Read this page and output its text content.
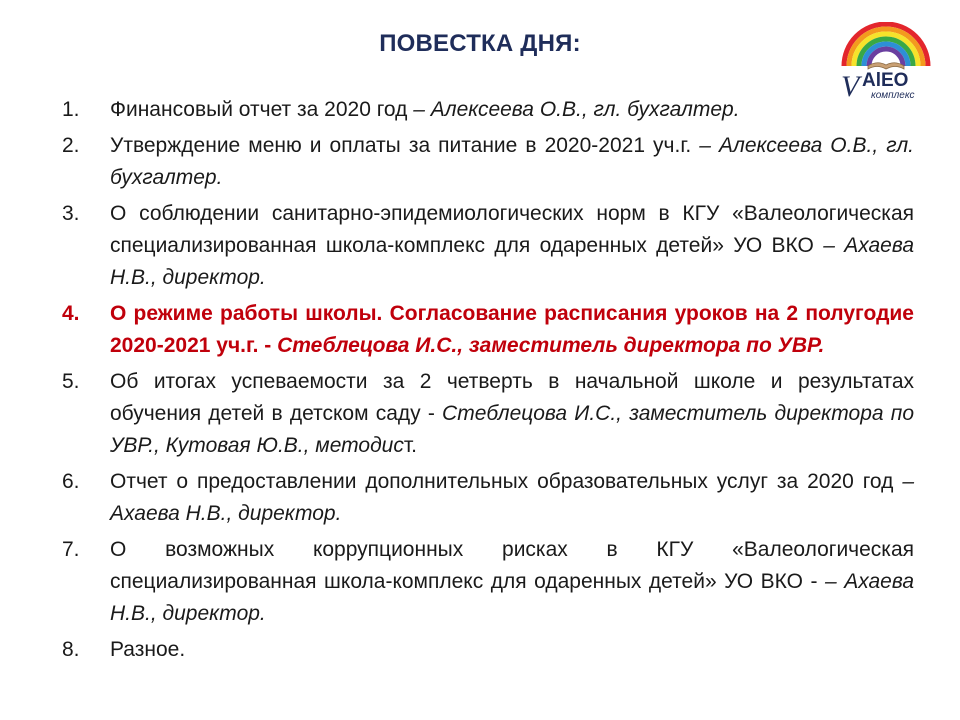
ПОВЕСТКА ДНЯ:
V AlEO
комплекс
1.	Финансовый отчет за 2020 год – Алексеева О.В., гл. бухгалтер.
2.	Утверждение меню и оплаты за питание в 2020-2021 уч.г. – Алексеева О.В., гл. бухгалтер.
3.	О соблюдении санитарно-эпидемиологических норм в КГУ «Валеологическая специализированная школа-комплекс для одаренных детей» УО ВКО – Ахаева Н.В., директор.
4.	О режиме работы школы. Согласование расписания уроков на 2 полугодие 2020-2021 уч.г. - Стеблецова И.С., заместитель директора по УВР.
5.	Об итогах успеваемости за 2 четверть в начальной школе и результатах обучения детей в детском саду - Стеблецова И.С., заместитель директора по УВР., Кутовая Ю.В., методист.
6.	Отчет о предоставлении дополнительных образовательных услуг за 2020 год – Ахаева Н.В., директор.
7.	О возможных коррупционных рисках в КГУ «Валеологическая специализированная школа-комплекс для одаренных детей» УО ВКО - – Ахаева Н.В., директор.
8.	Разное.
